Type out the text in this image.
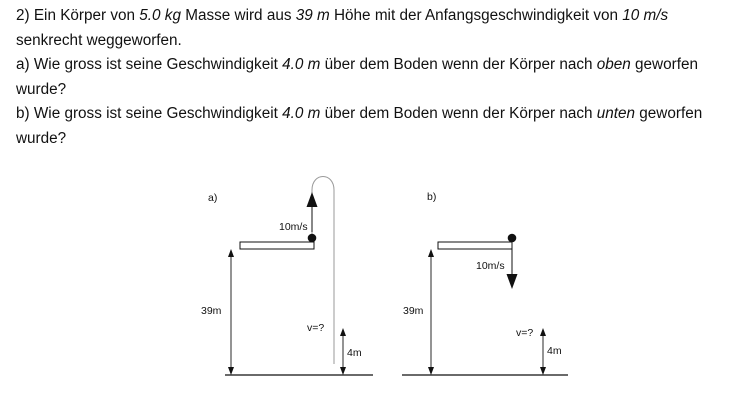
2) Ein Körper von 5.0 kg Masse wird aus 39 m Höhe mit der Anfangsgeschwindigkeit von 10 m/s

senkrecht weggeworfen.

a) Wie gross ist seine Geschwindigkeit 4.0 m über dem Boden wenn der Körper nach oben geworfen

wurde?

b) Wie gross ist seine Geschwindigkeit 4.0 m über dem Boden wenn der Körper nach unten geworfen

wurde?

a)
39m
10m/s
v=?
4m
b)
39m
10m/s
v=?
4m
